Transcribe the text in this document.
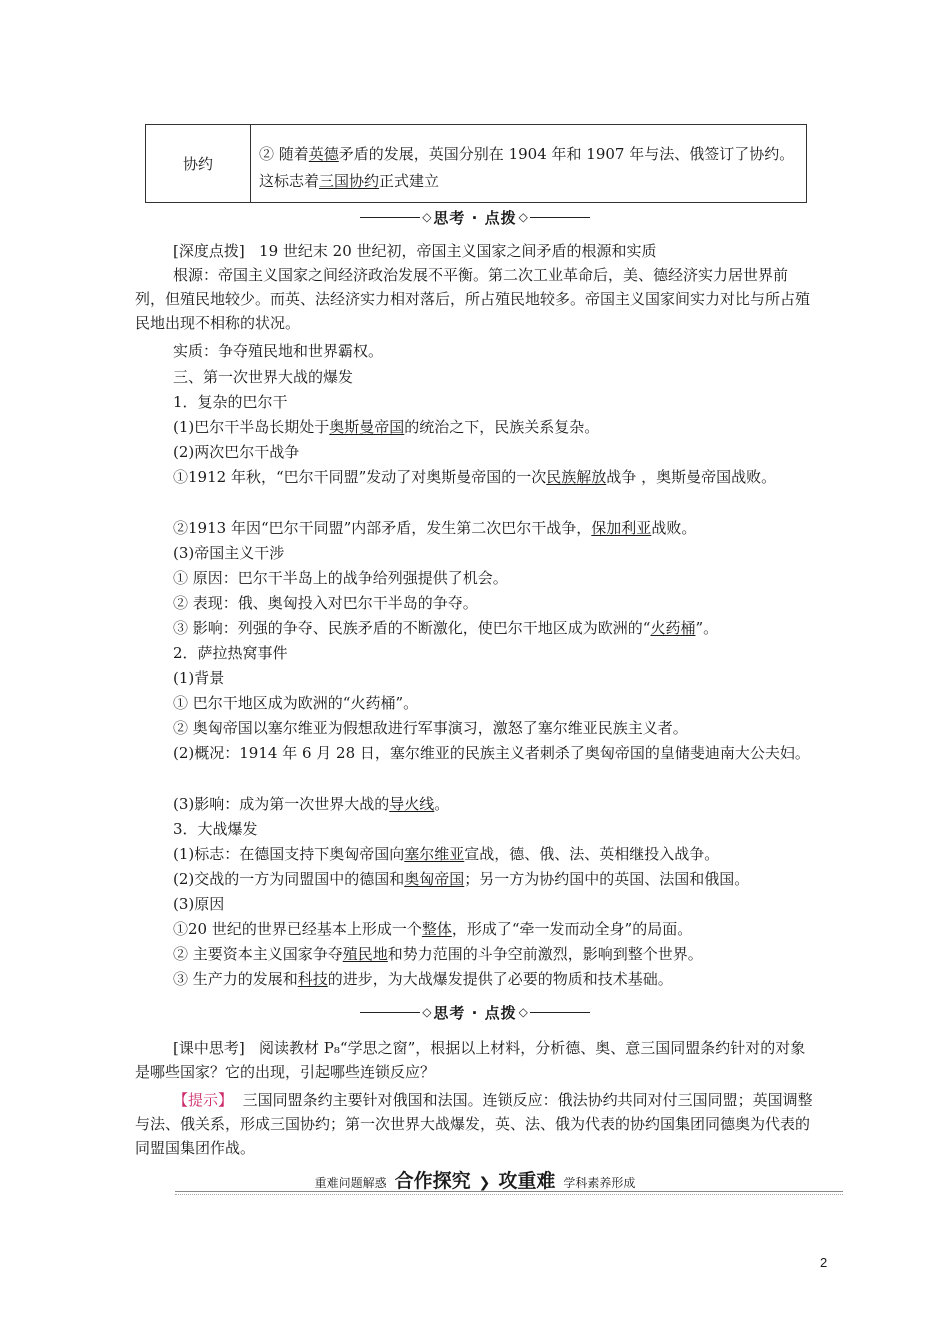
协约
② 随着英德矛盾的发展，英国分别在 1904 年和 1907 年与法、俄签订了协约。这标志着三国协约正式建立
◇ 思考 · 点拨 ◇
[深度点拨] 19 世纪末 20 世纪初，帝国主义国家之间矛盾的根源和实质
根源：帝国主义国家之间经济政治发展不平衡。第二次工业革命后，美、德经济实力居世界前列，但殖民地较少。而英、法经济实力相对落后，所占殖民地较多。帝国主义国家间实力对比与所占殖民地出现不相称的状况。
实质：争夺殖民地和世界霸权。
三、第一次世界大战的爆发
1．复杂的巴尔干
(1)巴尔干半岛长期处于奥斯曼帝国的统治之下，民族关系复杂。
(2)两次巴尔干战争
①1912 年秋，“巴尔干同盟”发动了对奥斯曼帝国的一次民族解放战争 ，奥斯曼帝国战败。
②1913 年因“巴尔干同盟”内部矛盾，发生第二次巴尔干战争，保加利亚战败。
(3)帝国主义干涉
① 原因：巴尔干半岛上的战争给列强提供了机会。
② 表现：俄、奥匈投入对巴尔干半岛的争夺。
③ 影响：列强的争夺、民族矛盾的不断激化，使巴尔干地区成为欧洲的“火药桶”。
2．萨拉热窝事件
(1)背景
① 巴尔干地区成为欧洲的“火药桶”。
② 奥匈帝国以塞尔维亚为假想敌进行军事演习，激怒了塞尔维亚民族主义者。
(2)概况：1914 年 6 月 28 日，塞尔维亚的民族主义者刺杀了奥匈帝国的皇储斐迪南大公夫妇。
(3)影响：成为第一次世界大战的导火线。
3．大战爆发
(1)标志：在德国支持下奥匈帝国向塞尔维亚宣战，德、俄、法、英相继投入战争。
(2)交战的一方为同盟国中的德国和奥匈帝国；另一方为协约国中的英国、法国和俄国。
(3)原因
①20 世纪的世界已经基本上形成一个整体，形成了“牵一发而动全身”的局面。
② 主要资本主义国家争夺殖民地和势力范围的斗争空前激烈，影响到整个世界。
③ 生产力的发展和科技的进步，为大战爆发提供了必要的物质和技术基础。
◇ 思考 · 点拨 ◇
[课中思考] 阅读教材 P₈“学思之窗”，根据以上材料，分析德、奥、意三国同盟条约针对的对象是哪些国家？它的出现，引起哪些连锁反应？
【提示】 三国同盟条约主要针对俄国和法国。连锁反应：俄法协约共同对付三国同盟；英国调整与法、俄关系，形成三国协约；第一次世界大战爆发，英、法、俄为代表的协约国集团同德奥为代表的同盟国集团作战。
重难问题解惑 合作探究 ❯ 攻重难 学科素养形成
2
